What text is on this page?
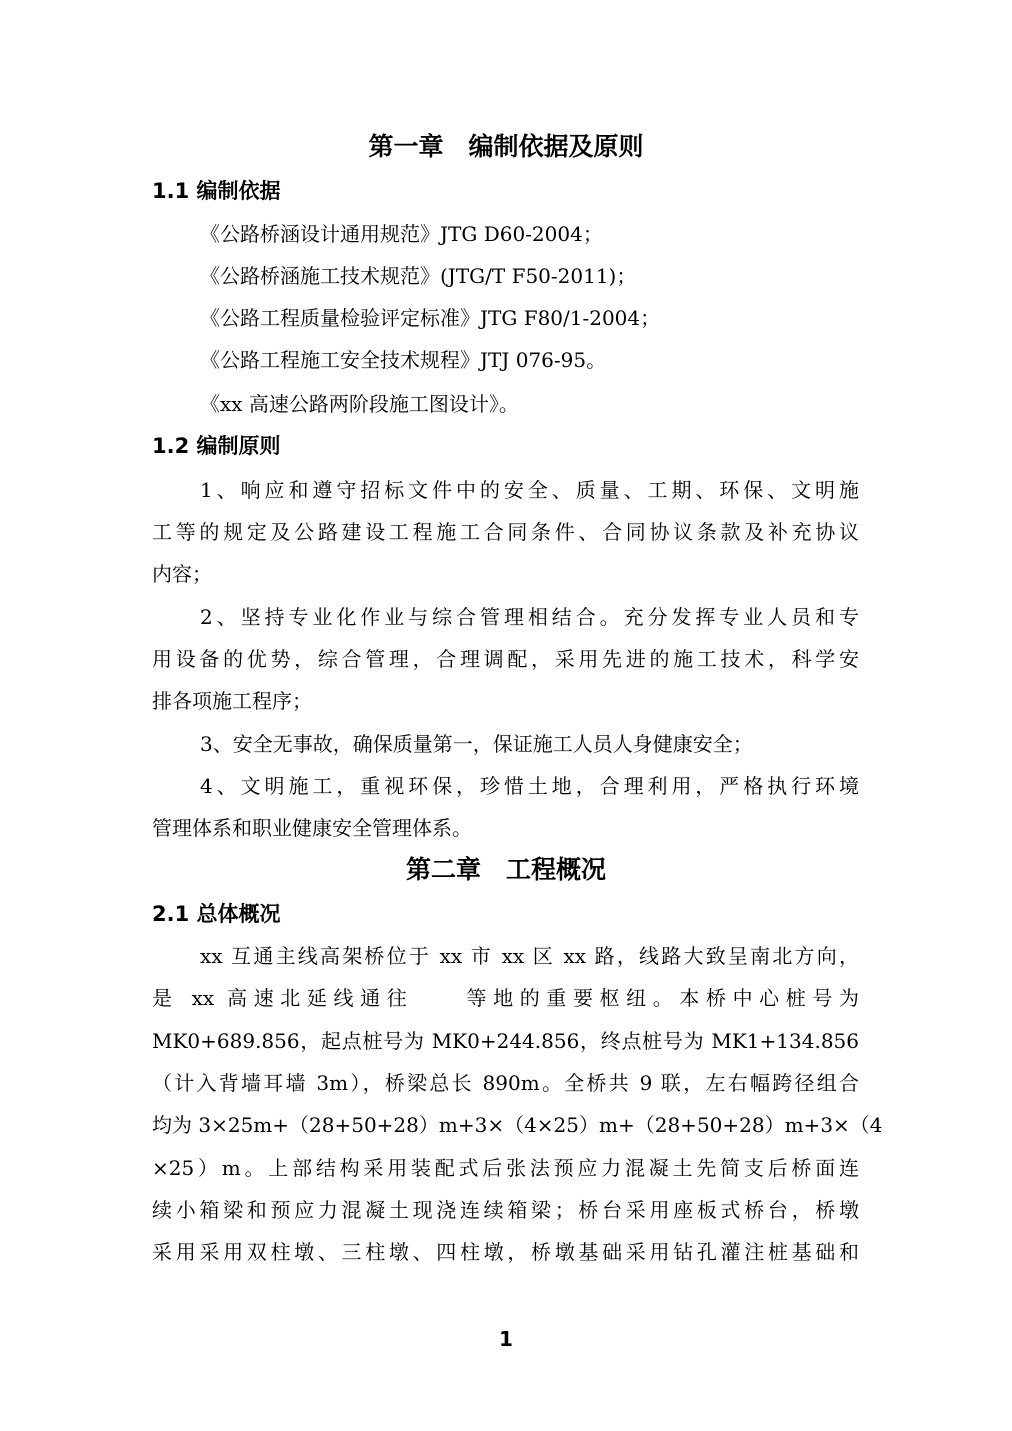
第一章　编制依据及原则
1.1 编制依据
《公路桥涵设计通用规范》JTG D60-2004；
《公路桥涵施工技术规范》(JTG/T F50-2011)；
《公路工程质量检验评定标准》JTG F80/1-2004；
《公路工程施工安全技术规程》JTJ 076-95。
《xx 高速公路两阶段施工图设计》。
1.2 编制原则
1、响应和遵守招标文件中的安全、质量、工期、环保、文明施
工等的规定及公路建设工程施工合同条件、合同协议条款及补充协议
内容；
2、坚持专业化作业与综合管理相结合。充分发挥专业人员和专
用设备的优势，综合管理，合理调配，采用先进的施工技术，科学安
排各项施工程序；
3、安全无事故，确保质量第一，保证施工人员人身健康安全；
4、文明施工，重视环保，珍惜土地，合理利用，严格执行环境
管理体系和职业健康安全管理体系。
第二章　工程概况
2.1 总体概况
xx 互通主线高架桥位于 xx 市 xx 区 xx 路，线路大致呈南北方向，
是 xx 高速北延线通往　　等地的重要枢纽。本桥中心桩号为
MK0+689.856，起点桩号为 MK0+244.856，终点桩号为 MK1+134.856
（计入背墙耳墙 3m），桥梁总长 890m。全桥共 9 联，左右幅跨径组合
均为 3×25m+（28+50+28）m+3×（4×25）m+（28+50+28）m+3×（4
×25）m。上部结构采用装配式后张法预应力混凝土先简支后桥面连
续小箱梁和预应力混凝土现浇连续箱梁；桥台采用座板式桥台，桥墩
采用采用双柱墩、三柱墩、四柱墩，桥墩基础采用钻孔灌注桩基础和
1
